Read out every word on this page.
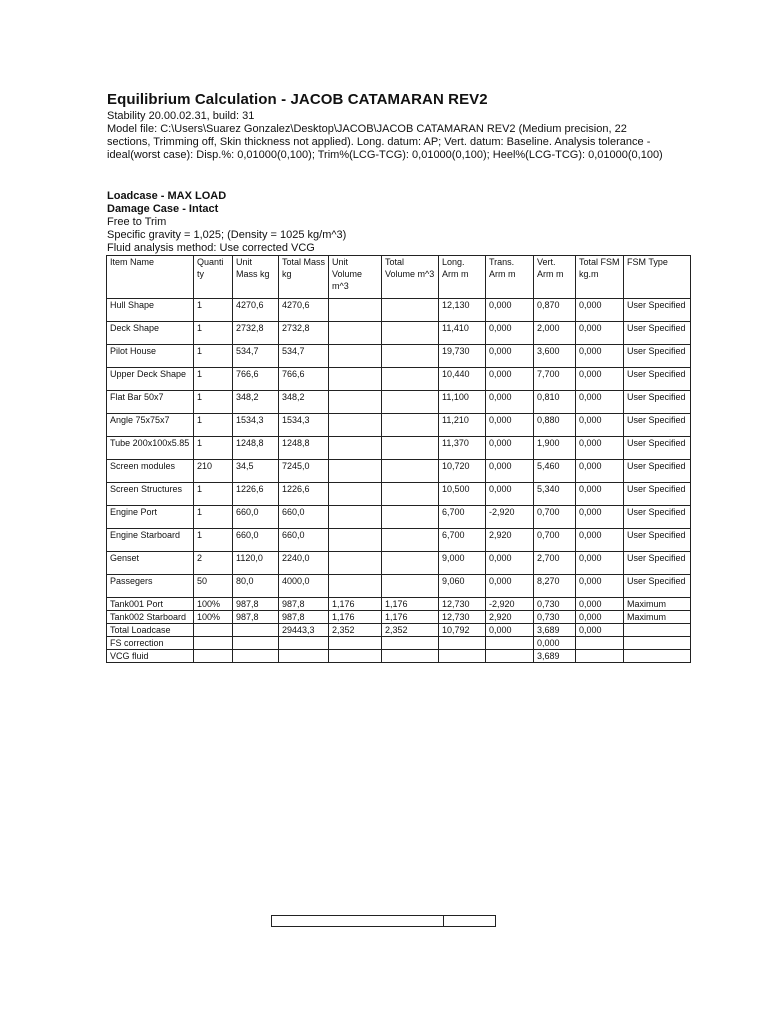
Equilibrium Calculation - JACOB CATAMARAN REV2

Stability 20.00.02.31, build: 31

Model file: C:\Users\Suarez Gonzalez\Desktop\JACOB\JACOB CATAMARAN REV2 (Medium precision, 22 sections, Trimming off, Skin thickness not applied). Long. datum: AP; Vert. datum: Baseline. Analysis tolerance - ideal(worst case): Disp.%: 0,01000(0,100); Trim%(LCG-TCG): 0,01000(0,100); Heel%(LCG-TCG): 0,01000(0,100)

Loadcase - MAX LOAD

Damage Case - Intact

Free to Trim

Specific gravity = 1,025; (Density = 1025 kg/m^3)

Fluid analysis method: Use corrected VCG

Item Name	Quanti ty	Unit Mass kg	Total Mass kg	Unit Volume m^3	Total Volume m^3	Long. Arm m	Trans. Arm m	Vert. Arm m	Total FSM kg.m	FSM Type
Hull Shape	1	4270,6	4270,6			12,130	0,000	0,870	0,000	User Specified
Deck Shape	1	2732,8	2732,8			11,410	0,000	2,000	0,000	User Specified
Pilot House	1	534,7	534,7			19,730	0,000	3,600	0,000	User Specified
Upper Deck Shape	1	766,6	766,6			10,440	0,000	7,700	0,000	User Specified
Flat Bar 50x7	1	348,2	348,2			11,100	0,000	0,810	0,000	User Specified
Angle 75x75x7	1	1534,3	1534,3			11,210	0,000	0,880	0,000	User Specified
Tube 200x100x5.85	1	1248,8	1248,8			11,370	0,000	1,900	0,000	User Specified
Screen modules	210	34,5	7245,0			10,720	0,000	5,460	0,000	User Specified
Screen Structures	1	1226,6	1226,6			10,500	0,000	5,340	0,000	User Specified
Engine Port	1	660,0	660,0			6,700	-2,920	0,700	0,000	User Specified
Engine Starboard	1	660,0	660,0			6,700	2,920	0,700	0,000	User Specified
Genset	2	1120,0	2240,0			9,000	0,000	2,700	0,000	User Specified
Passegers	50	80,0	4000,0			9,060	0,000	8,270	0,000	User Specified
Tank001 Port	100%	987,8	987,8	1,176	1,176	12,730	-2,920	0,730	0,000	Maximum
Tank002 Starboard	100%	987,8	987,8	1,176	1,176	12,730	2,920	0,730	0,000	Maximum
Total Loadcase			29443,3	2,352	2,352	10,792	0,000	3,689	0,000	
FS correction								0,000		
VCG fluid								3,689		
